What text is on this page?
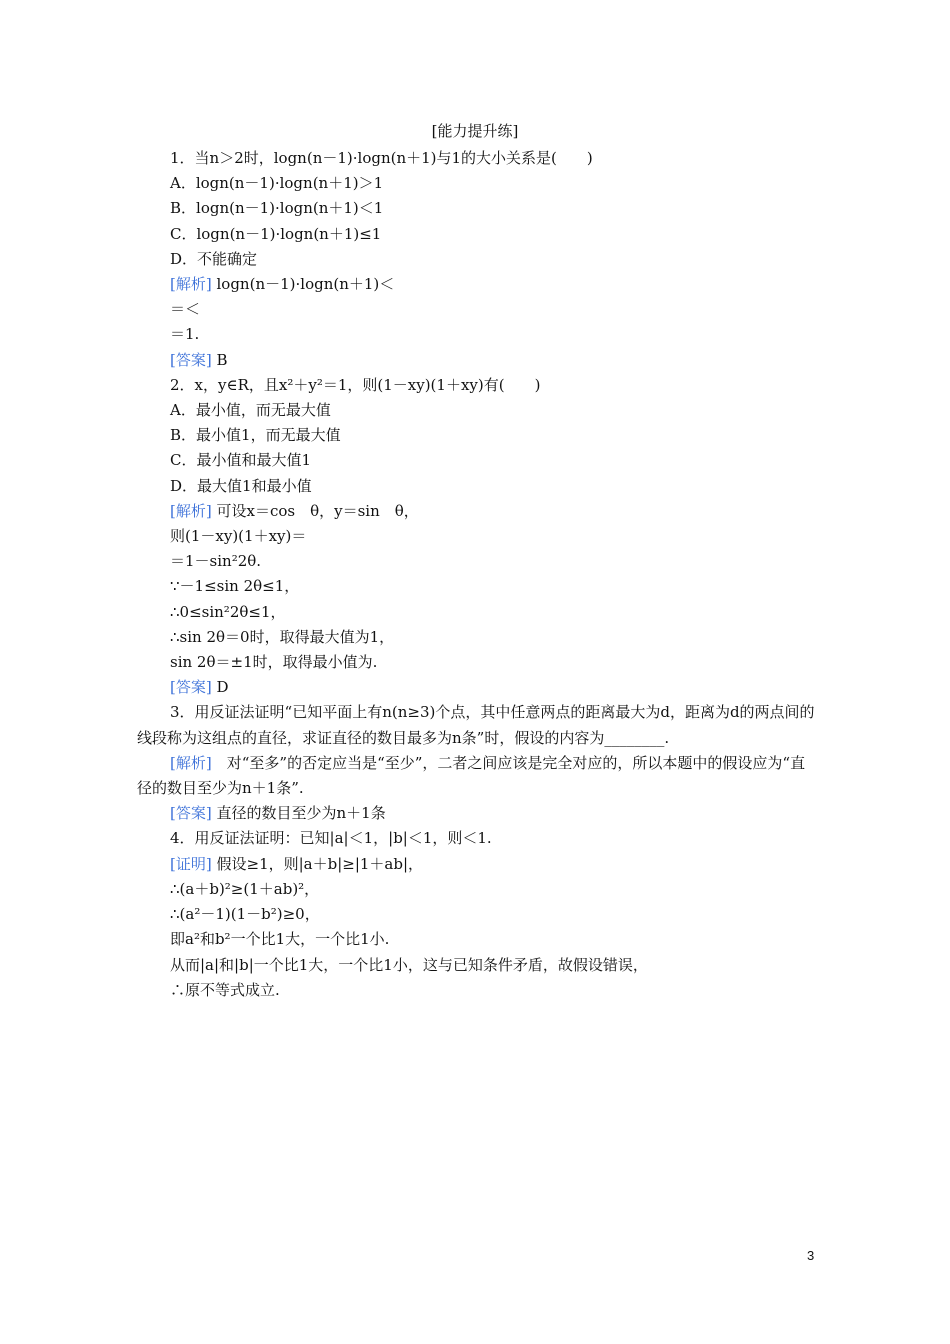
[能力提升练]
1．当n＞2时，logn(n－1)·logn(n＋1)与1的大小关系是(　　)
A．logn(n－1)·logn(n＋1)＞1
B．logn(n－1)·logn(n＋1)＜1
C．logn(n－1)·logn(n＋1)≤1
D．不能确定
[解析] logn(n－1)·logn(n＋1)＜
＝＜
＝1.
[答案] B
2．x，y∈R，且x²＋y²＝1，则(1－xy)(1＋xy)有(　　)
A．最小值，而无最大值
B．最小值1，而无最大值
C．最小值和最大值1
D．最大值1和最小值
[解析] 可设x＝cos　θ，y＝sin　θ，
则(1－xy)(1＋xy)＝
＝1－sin²2θ.
∵－1≤sin 2θ≤1，
∴0≤sin²2θ≤1，
∴sin 2θ＝0时，取得最大值为1，
sin 2θ＝±1时，取得最小值为.
[答案] D
3．用反证法证明“已知平面上有n(n≥3)个点，其中任意两点的距离最大为d，距离为d的两点间的线段称为这组点的直径，求证直径的数目最多为n条”时，假设的内容为________.
[解析]　 对“至多”的否定应当是“至少”，二者之间应该是完全对应的，所以本题中的假设应为“直径的数目至少为n＋1条”.
[答案] 直径的数目至少为n＋1条
4．用反证法证明：已知|a|＜1，|b|＜1，则＜1.
[证明] 假设≥1，则|a＋b|≥|1＋ab|，
∴(a＋b)²≥(1＋ab)²，
∴(a²－1)(1－b²)≥0，
即a²和b²一个比1大，一个比1小.
从而|a|和|b|一个比1大，一个比1小，这与已知条件矛盾，故假设错误，
∴原不等式成立.
3
